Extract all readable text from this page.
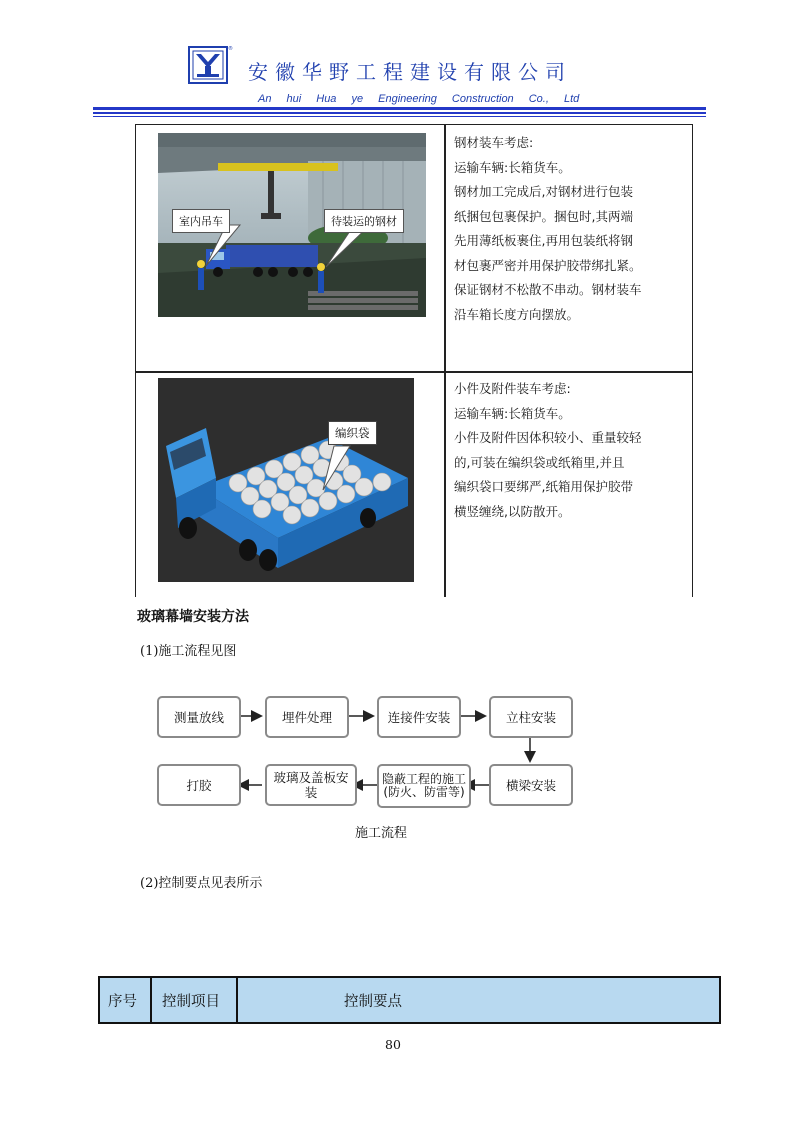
®
安徽华野工程建设有限公司
An hui Hua ye Engineering Construction Co., Ltd
室内吊车	待装运的钢材
钢材装车考虑:
运输车辆:长箱货车。
钢材加工完成后,对钢材进行包装
纸捆包包裹保护。捆包时,其两端
先用薄纸板裹住,再用包装纸将钢
材包裹严密并用保护胶带绑扎紧。
保证钢材不松散不串动。钢材装车
沿车箱长度方向摆放。
编织袋
小件及附件装车考虑:
运输车辆:长箱货车。
小件及附件因体积较小、重量较轻
的,可装在编织袋或纸箱里,并且
编织袋口要绑严,纸箱用保护胶带
横竖缠绕,以防散开。
玻璃幕墙安装方法
(1)施工流程见图
测量放线	埋件处理	连接件安装	立柱安装
横梁安装
隐蔽工程的施工(防火、防雷等)
玻璃及盖板安装
打胶
施工流程
(2)控制要点见表所示
序号 控制项目	控制要点
80
